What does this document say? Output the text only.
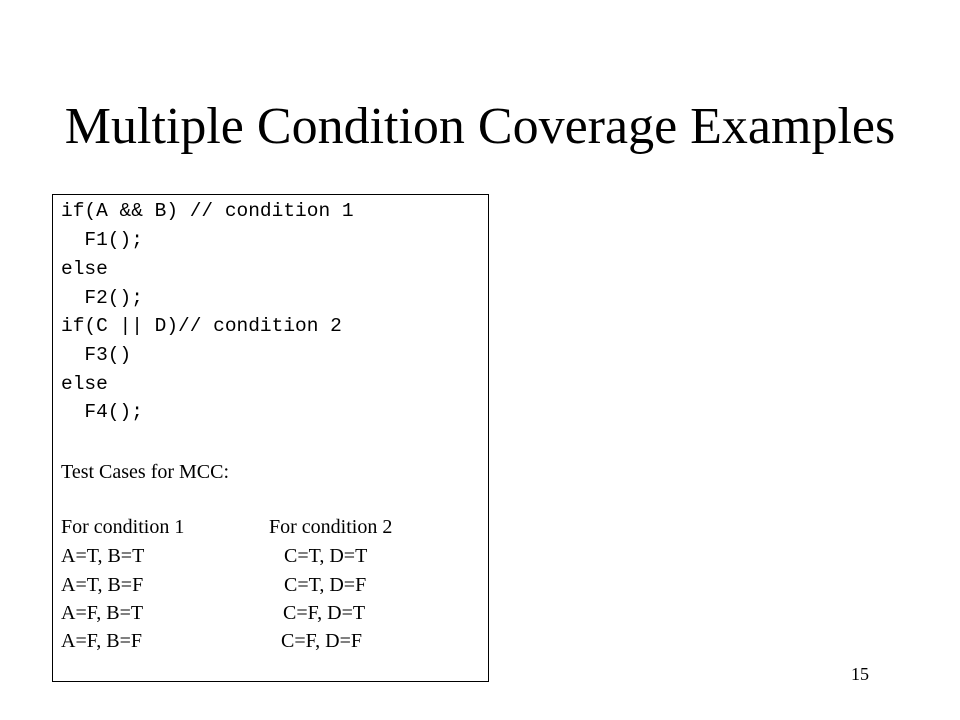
Multiple Condition Coverage Examples
if(A && B) // condition 1
F1();
else
F2();
if(C || D)// condition 2
F3()
else
F4();
Test Cases for MCC:
For condition 1	For condition 2
A=T, B=T	C=T, D=T
A=T, B=F	C=T, D=F
A=F, B=T	C=F, D=T
A=F, B=F	C=F, D=F
15
